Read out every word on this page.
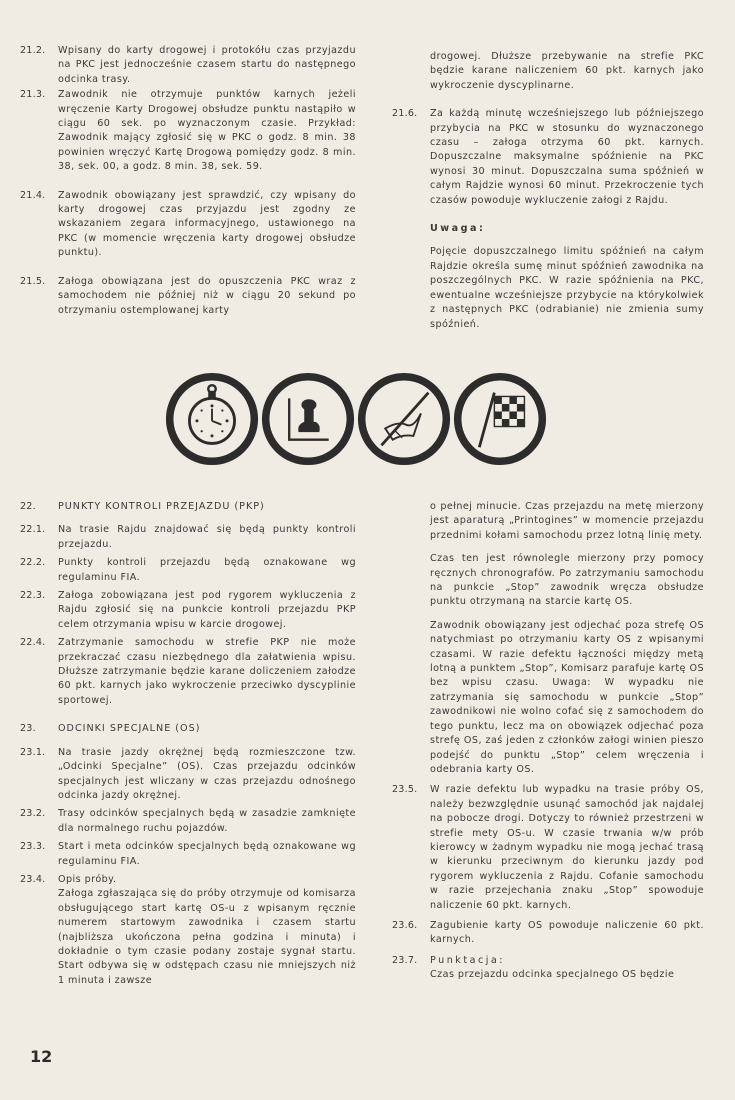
21.2.	Wpisany do karty drogowej i protokółu czas przyjazdu na PKC jest jednocześnie czasem startu do następnego odcinka trasy.

21.3.	Zawodnik nie otrzymuje punktów karnych jeżeli wręczenie Karty Drogowej obsłudze punktu nastąpiło w ciągu 60 sek. po wyznaczonym czasie. Przykład: Zawodnik mający zgłosić się w PKC o godz. 8 min. 38 powinien wręczyć Kartę Drogową pomiędzy godz. 8 min. 38, sek. 00, a godz. 8 min. 38, sek. 59.

21.4.	Zawodnik obowiązany jest sprawdzić, czy wpisany do karty drogowej czas przyjazdu jest zgodny ze wskazaniem zegara informacyjnego, ustawionego na PKC (w momencie wręczenia karty drogowej obsłudze punktu).

21.5.	Załoga obowiązana jest do opuszczenia PKC wraz z samochodem nie później niż w ciągu 20 sekund po otrzymaniu ostemplowanej karty

drogowej. Dłuższe przebywanie na strefie PKC będzie karane naliczeniem 60 pkt. karnych jako wykroczenie dyscyplinarne.

21.6.	Za każdą minutę wcześniejszego lub późniejszego przybycia na PKC w stosunku do wyznaczonego czasu – załoga otrzyma 60 pkt. karnych. Dopuszczalne maksymalne spóźnienie na PKC wynosi 30 minut. Dopuszczalna suma spóźnień w całym Rajdzie wynosi 60 minut. Przekroczenie tych czasów powoduje wykluczenie załogi z Rajdu.

Uwaga:

Pojęcie dopuszczalnego limitu spóźnień na całym Rajdzie określa sumę minut spóźnień zawodnika na poszczególnych PKC. W razie spóźnienia na PKC, ewentualne wcześniejsze przybycie na którykolwiek z następnych PKC (odrabianie) nie zmienia sumy spóźnień.

22.	PUNKTY KONTROLI PRZEJAZDU (PKP)

22.1.	Na trasie Rajdu znajdować się będą punkty kontroli przejazdu.

22.2.	Punkty kontroli przejazdu będą oznakowane wg regulaminu FIA.

22.3.	Załoga zobowiązana jest pod rygorem wykluczenia z Rajdu zgłosić się na punkcie kontroli przejazdu PKP celem otrzymania wpisu w karcie drogowej.

22.4.	Zatrzymanie samochodu w strefie PKP nie może przekraczać czasu niezbędnego dla załatwienia wpisu. Dłuższe zatrzymanie będzie karane doliczeniem załodze 60 pkt. karnych jako wykroczenie przeciwko dyscyplinie sportowej.

23.	ODCINKI SPECJALNE (OS)

23.1.	Na trasie jazdy okrężnej będą rozmieszczone tzw. „Odcinki Specjalne” (OS). Czas przejazdu odcinków specjalnych jest wliczany w czas przejazdu odnośnego odcinka jazdy okrężnej.

23.2.	Trasy odcinków specjalnych będą w zasadzie zamknięte dla normalnego ruchu pojazdów.

23.3.	Start i meta odcinków specjalnych będą oznakowane wg regulaminu FIA.

23.4.	Opis próby.

Załoga zgłaszająca się do próby otrzymuje od komisarza obsługującego start kartę OS-u z wpisanym ręcznie numerem startowym zawodnika i czasem startu (najbliższa ukończona pełna godzina i minuta) i dokładnie o tym czasie podany zostaje sygnał startu. Start odbywa się w odstępach czasu nie mniejszych niż 1 minuta i zawsze

o pełnej minucie. Czas przejazdu na metę mierzony jest aparaturą „Printogines” w momencie przejazdu przednimi kołami samochodu przez lotną linię mety.

Czas ten jest równolegle mierzony przy pomocy ręcznych chronografów. Po zatrzymaniu samochodu na punkcie „Stop” zawodnik wręcza obsłudze punktu otrzymaną na starcie kartę OS.

Zawodnik obowiązany jest odjechać poza strefę OS natychmiast po otrzymaniu karty OS z wpisanymi czasami. W razie defektu łączności między metą lotną a punktem „Stop”, Komisarz parafuje kartę OS bez wpisu czasu. Uwaga: W wypadku nie zatrzymania się samochodu w punkcie „Stop” zawodnikowi nie wolno cofać się z samochodem do tego punktu, lecz ma on obowiązek odjechać poza strefę OS, zaś jeden z członków załogi winien pieszo podejść do punktu „Stop” celem wręczenia i odebrania karty OS.

23.5.	W razie defektu lub wypadku na trasie próby OS, należy bezwzględnie usunąć samochód jak najdalej na pobocze drogi. Dotyczy to również przestrzeni w strefie mety OS-u. W czasie trwania w/w prób kierowcy w żadnym wypadku nie mogą jechać trasą w kierunku przeciwnym do kierunku jazdy pod rygorem wykluczenia z Rajdu. Cofanie samochodu w razie przejechania znaku „Stop” spowoduje naliczenie 60 pkt. karnych.

23.6.	Zagubienie karty OS powoduje naliczenie 60 pkt. karnych.

23.7.	Punktacja:

Czas przejazdu odcinka specjalnego OS będzie

12
